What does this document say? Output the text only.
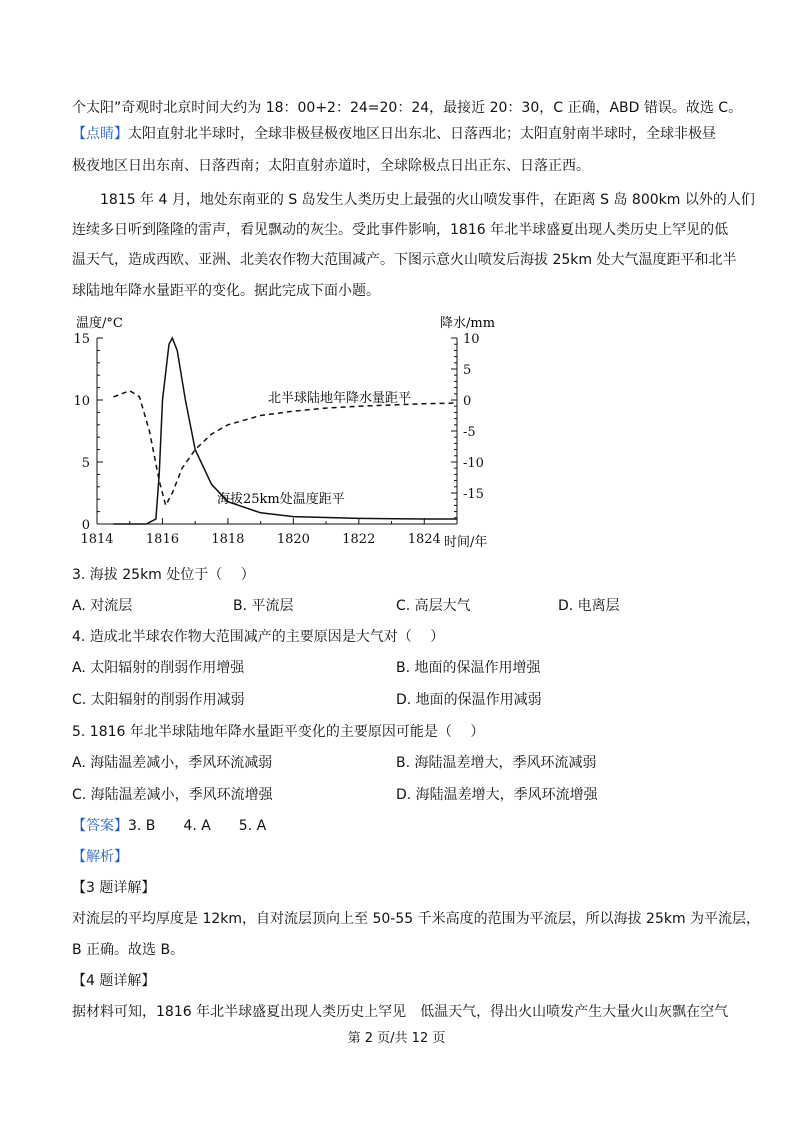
个太阳”奇观时北京时间大约为 18：00+2：24=20：24，最接近 20：30，C 正确，ABD 错误。故选 C。
【点睛】太阳直射北半球时，全球非极昼极夜地区日出东北、日落西北；太阳直射南半球时，全球非极昼
极夜地区日出东南、日落西南；太阳直射赤道时，全球除极点日出正东、日落正西。
1815 年 4 月，地处东南亚的 S 岛发生人类历史上最强的火山喷发事件，在距离 S 岛 800km 以外的人们
连续多日听到隆隆的雷声，看见飘动的灰尘。受此事件影响，1816 年北半球盛夏出现人类历史上罕见的低
温天气，造成西欧、亚洲、北美农作物大范围减产。下图示意火山喷发后海拔 25km 处大气温度距平和北半
球陆地年降水量距平的变化。据此完成下面小题。
温度/°C	降水/mm
时间/年
1814 1816 1818 1820 1822 1824
0
5
10
15	10
5
0
-5
-10
-15
北半球陆地年降水量距平
海拔25km处温度距平
3. 海拔 25km 处位于（　 ）
A. 对流层	B. 平流层	C. 高层大气	D. 电离层
4. 造成北半球农作物大范围减产的主要原因是大气对（　 ）
A. 太阳辐射的削弱作用增强	B. 地面的保温作用增强
C. 太阳辐射的削弱作用减弱	D. 地面的保温作用减弱
5. 1816 年北半球陆地年降水量距平变化的主要原因可能是（　 ）
A. 海陆温差减小，季风环流减弱	B. 海陆温差增大，季风环流减弱
C. 海陆温差减小，季风环流增强	D. 海陆温差增大，季风环流增强
【答案】3. B　　4. A　　5. A
【解析】
【3 题详解】
对流层的平均厚度是 12km，自对流层顶向上至 50-55 千米高度的范围为平流层，所以海拔 25km 为平流层，
B 正确。故选 B。
【4 题详解】
据材料可知，1816 年北半球盛夏出现人类历史上罕见　低温天气，得出火山喷发产生大量火山灰飘在空气
第 2 页/共 12 页
